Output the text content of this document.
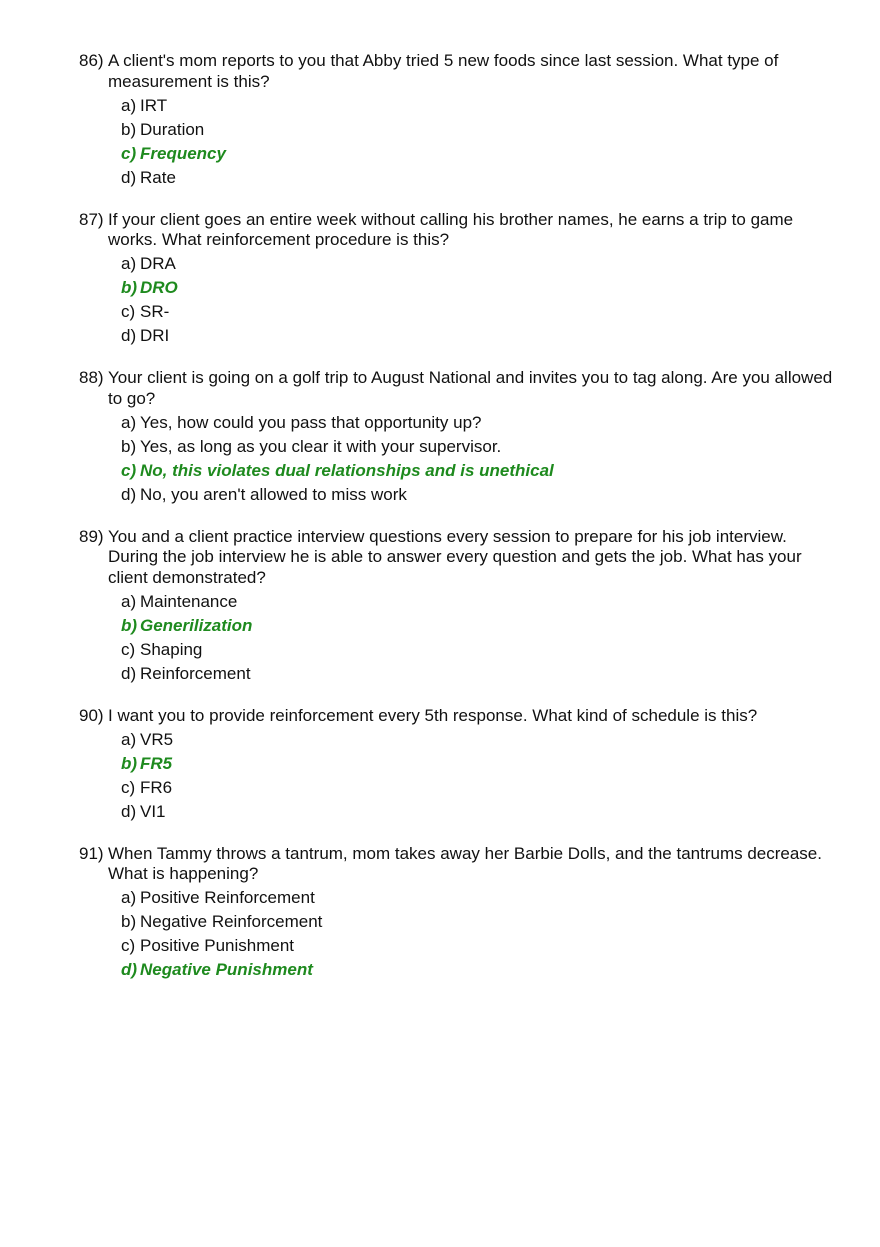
86) A client's mom reports to you that Abby tried 5 new foods since last session. What type of measurement is this?
a) IRT
b) Duration
c) Frequency
d) Rate
87) If your client goes an entire week without calling his brother names, he earns a trip to game works. What reinforcement procedure is this?
a) DRA
b) DRO
c) SR-
d) DRI
88) Your client is going on a golf trip to August National and invites you to tag along. Are you allowed to go?
a) Yes, how could you pass that opportunity up?
b) Yes, as long as you clear it with your supervisor.
c) No, this violates dual relationships and is unethical
d) No, you aren't allowed to miss work
89) You and a client practice interview questions every session to prepare for his job interview. During the job interview he is able to answer every question and gets the job. What has your client demonstrated?
a) Maintenance
b) Generilization
c) Shaping
d) Reinforcement
90) I want you to provide reinforcement every 5th response. What kind of schedule is this?
a) VR5
b) FR5
c) FR6
d) VI1
91) When Tammy throws a tantrum, mom takes away her Barbie Dolls, and the tantrums decrease. What is happening?
a) Positive Reinforcement
b) Negative Reinforcement
c) Positive Punishment
d) Negative Punishment
